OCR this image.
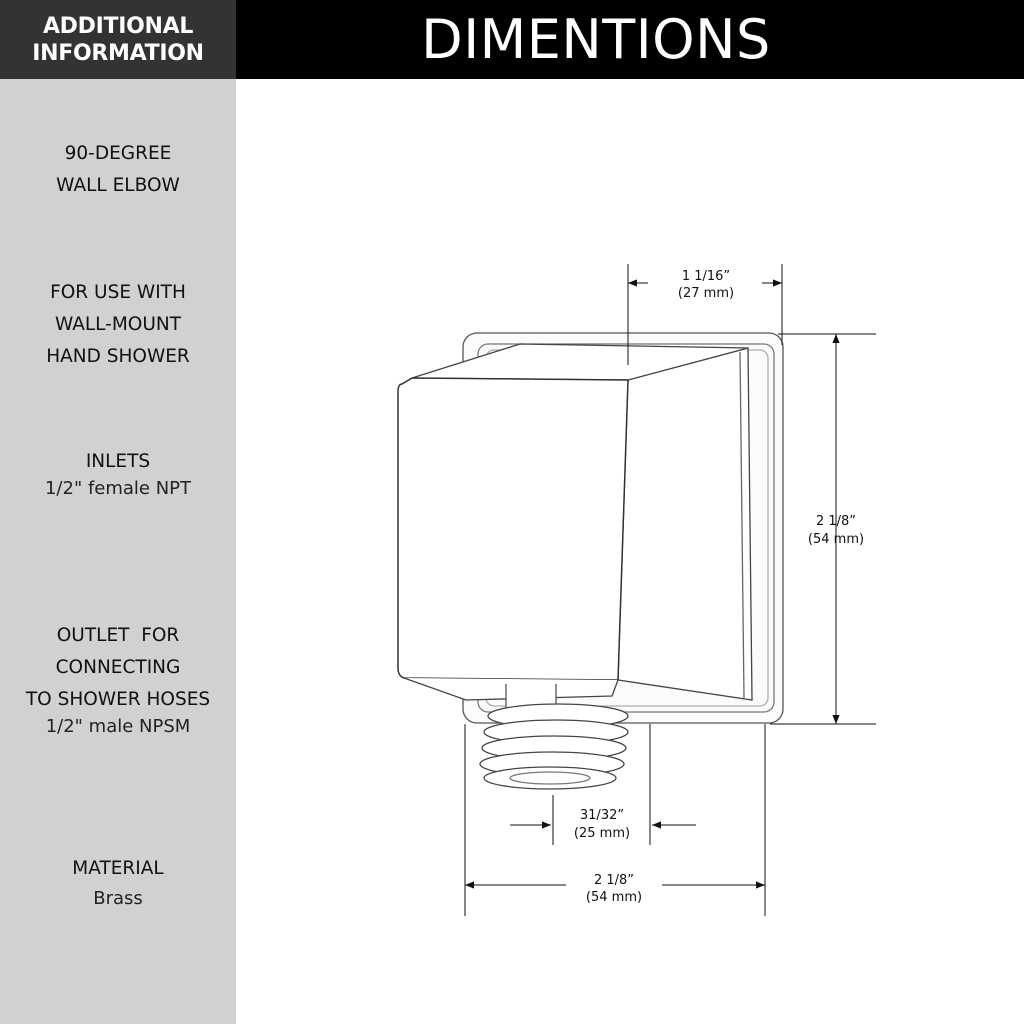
ADDITIONAL
INFORMATION	DIMENTIONS
90-DEGREE
WALL ELBOW
FOR USE WITH
WALL-MOUNT
HAND SHOWER
INLETS
1/2" female NPT
OUTLET  FOR
CONNECTING
TO SHOWER HOSES
1/2" male NPSM
MATERIAL
Brass
1 1/16”
(27 mm)
2 1/8”
(54 mm)
31/32”
(25 mm)
2 1/8”
(54 mm)
